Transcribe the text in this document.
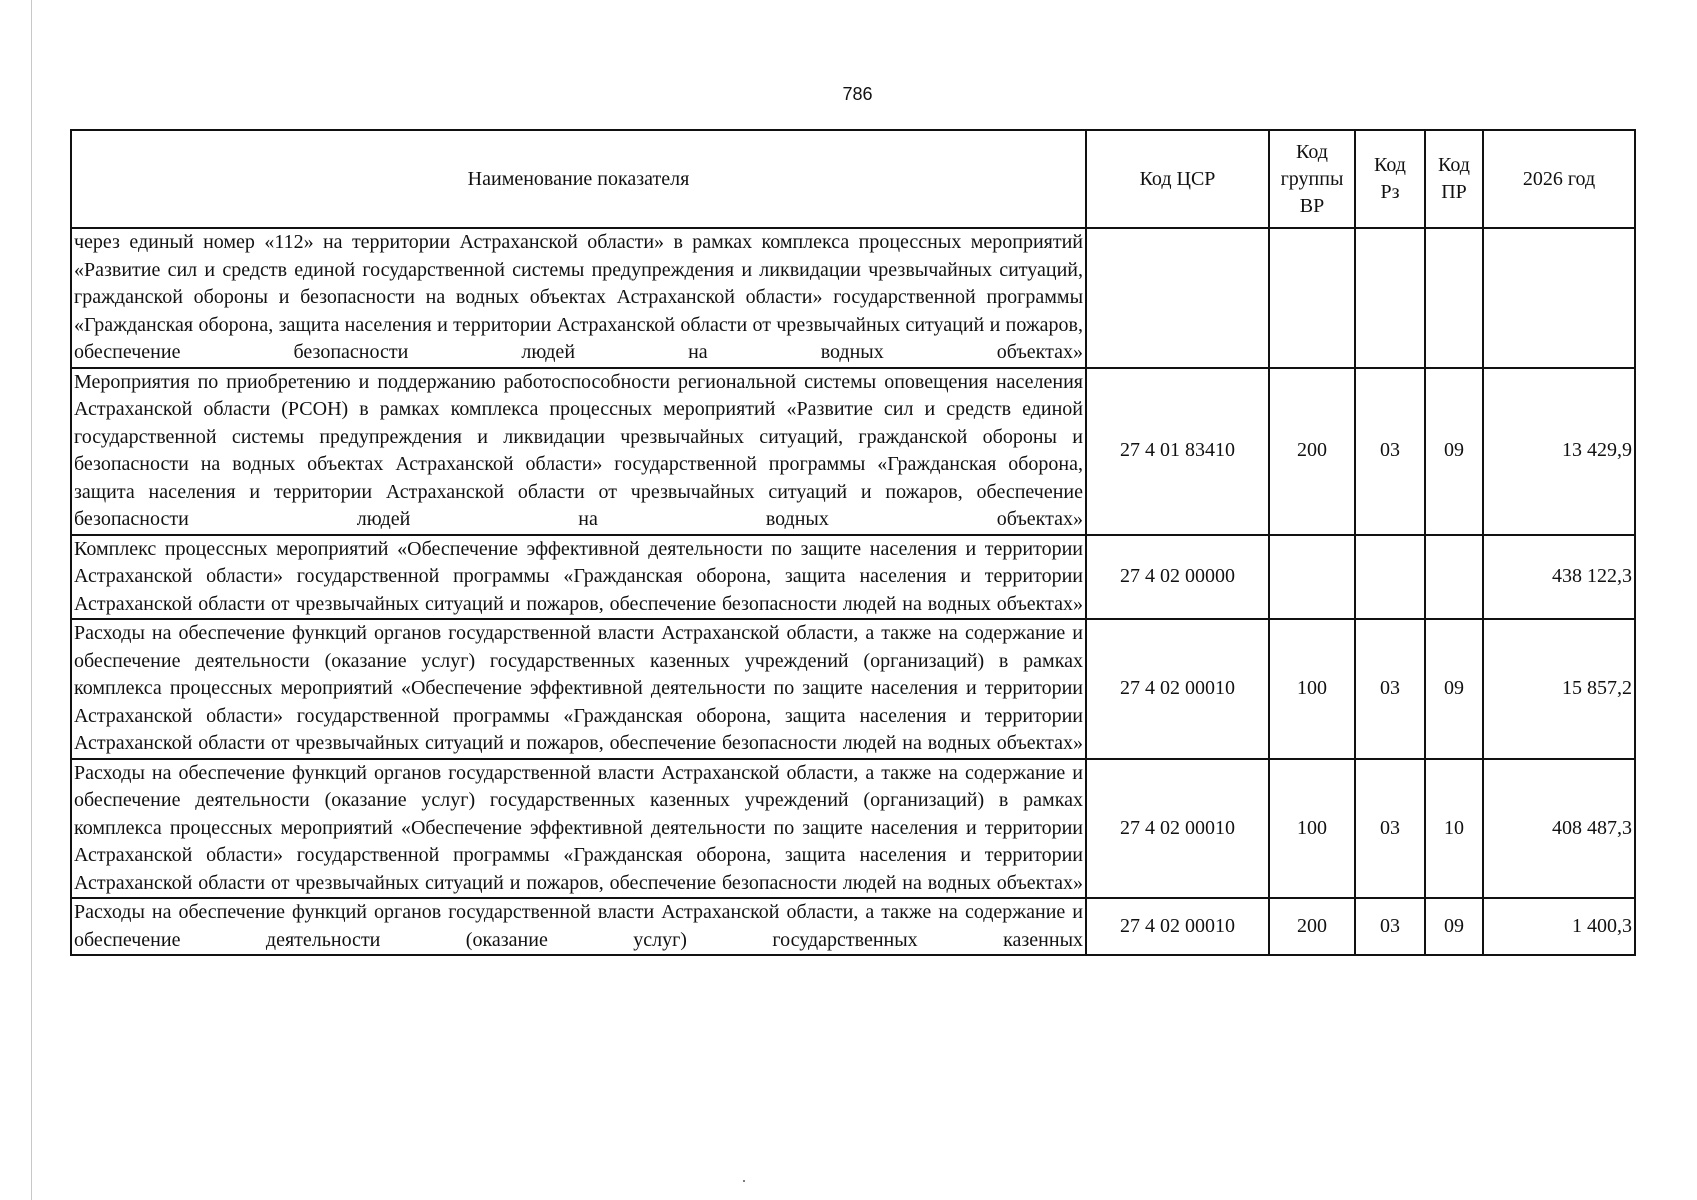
786
Наименование показателя	Код ЦСР	Код группы ВР	Код Рз	Код ПР	2026 год
через единый номер «112» на территории Астраханской области» в рамках комплекса процессных мероприятий «Развитие сил и средств единой государственной системы предупреждения и ликвидации чрезвычайных ситуаций, гражданской обороны и безопасности на водных объектах Астраханской области» государственной программы «Гражданская оборона, защита населения и территории Астраханской области от чрезвычайных ситуаций и пожаров, обеспечение безопасности людей на водных объектах»					
Мероприятия по приобретению и поддержанию работоспособности региональной системы оповещения населения Астраханской области (РСОН) в рамках комплекса процессных мероприятий «Развитие сил и средств единой государственной системы предупреждения и ликвидации чрезвычайных ситуаций, гражданской обороны и безопасности на водных объектах Астраханской области» государственной программы «Гражданская оборона, защита населения и территории Астраханской области от чрезвычайных ситуаций и пожаров, обеспечение безопасности людей на водных объектах»	27 4 01 83410	200	03	09	13 429,9
Комплекс процессных мероприятий «Обеспечение эффективной деятельности по защите населения и территории Астраханской области» государственной программы «Гражданская оборона, защита населения и территории Астраханской области от чрезвычайных ситуаций и пожаров, обеспечение безопасности людей на водных объектах»	27 4 02 00000				438 122,3
Расходы на обеспечение функций органов государственной власти Астраханской области, а также на содержание и обеспечение деятельности (оказание услуг) государственных казенных учреждений (организаций) в рамках комплекса процессных мероприятий «Обеспечение эффективной деятельности по защите населения и территории Астраханской области» государственной программы «Гражданская оборона, защита населения и территории Астраханской области от чрезвычайных ситуаций и пожаров, обеспечение безопасности людей на водных объектах»	27 4 02 00010	100	03	09	15 857,2
Расходы на обеспечение функций органов государственной власти Астраханской области, а также на содержание и обеспечение деятельности (оказание услуг) государственных казенных учреждений (организаций) в рамках комплекса процессных мероприятий «Обеспечение эффективной деятельности по защите населения и территории Астраханской области» государственной программы «Гражданская оборона, защита населения и территории Астраханской области от чрезвычайных ситуаций и пожаров, обеспечение безопасности людей на водных объектах»	27 4 02 00010	100	03	10	408 487,3
Расходы на обеспечение функций органов государственной власти Астраханской области, а также на содержание и обеспечение деятельности (оказание услуг) государственных казенных	27 4 02 00010	200	03	09	1 400,3
